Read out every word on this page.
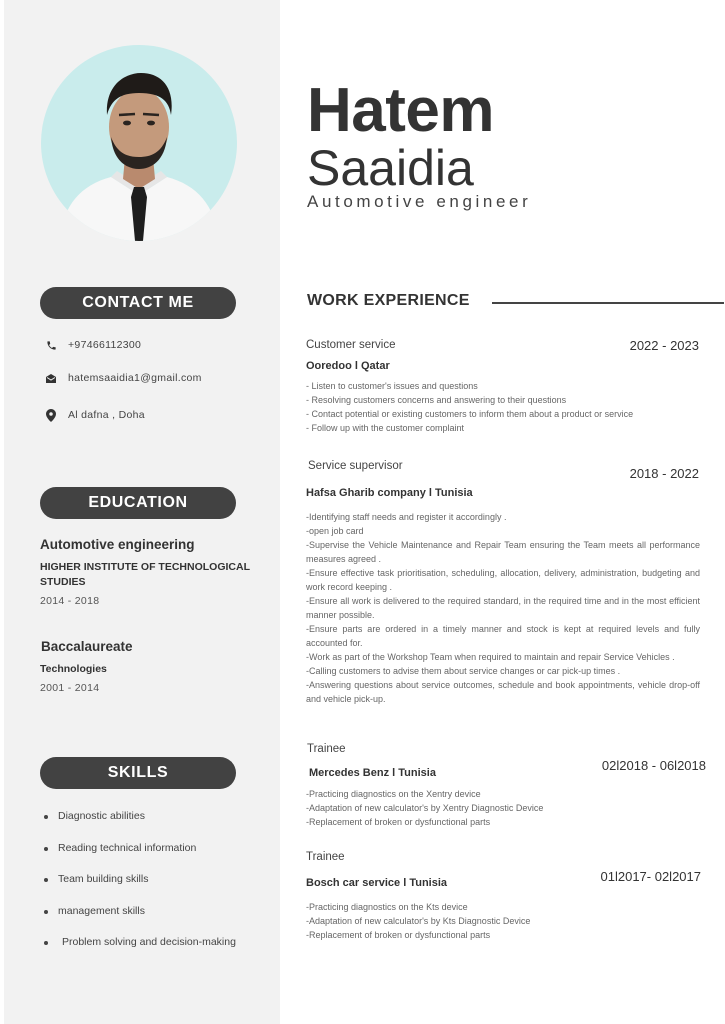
CONTACT ME
+97466112300
hatemsaaidia1@gmail.com
Al dafna , Doha
EDUCATION
Automotive engineering
HIGHER INSTITUTE OF TECHNOLOGICAL STUDIES
2014 - 2018
Baccalaureate
Technologies
2001 - 2014
SKILLS
Diagnostic abilities
Reading technical information
Team building skills
management skills
Problem solving and decision-making
Hatem
Saaidia
Automotive engineer
WORK EXPERIENCE
Customer service	2022 - 2023
Ooredoo l Qatar
- Listen to customer's issues and questions
- Resolving customers concerns and answering to their questions
- Contact potential or existing customers to inform them about a product or service
- Follow up with the customer complaint
Service supervisor	2018 - 2022
Hafsa Gharib company l Tunisia
-Identifying staff needs and register it accordingly .
-open job card
-Supervise the Vehicle Maintenance and Repair Team ensuring the Team meets all performance measures agreed .
-Ensure effective task prioritisation, scheduling, allocation, delivery, administration, budgeting and work record keeping .
-Ensure all work is delivered to the required standard, in the required time and in the most efficient manner possible.
-Ensure parts are ordered in a timely manner and stock is kept at required levels and fully accounted for.
-Work as part of the Workshop Team when required to maintain and repair Service Vehicles .
-Calling customers to advise them about service changes or car pick-up times .
-Answering questions about service outcomes, schedule and book appointments, vehicle drop-off and vehicle pick-up.
Trainee
02l2018 - 06l2018
Mercedes Benz l Tunisia
-Practicing diagnostics on the Xentry device
-Adaptation of new calculator's by Xentry Diagnostic Device
-Replacement of broken or dysfunctional parts
Trainee
01l2017- 02l2017
Bosch car service l Tunisia
-Practicing diagnostics on the Kts device
-Adaptation of new calculator's by Kts Diagnostic Device
-Replacement of broken or dysfunctional parts
